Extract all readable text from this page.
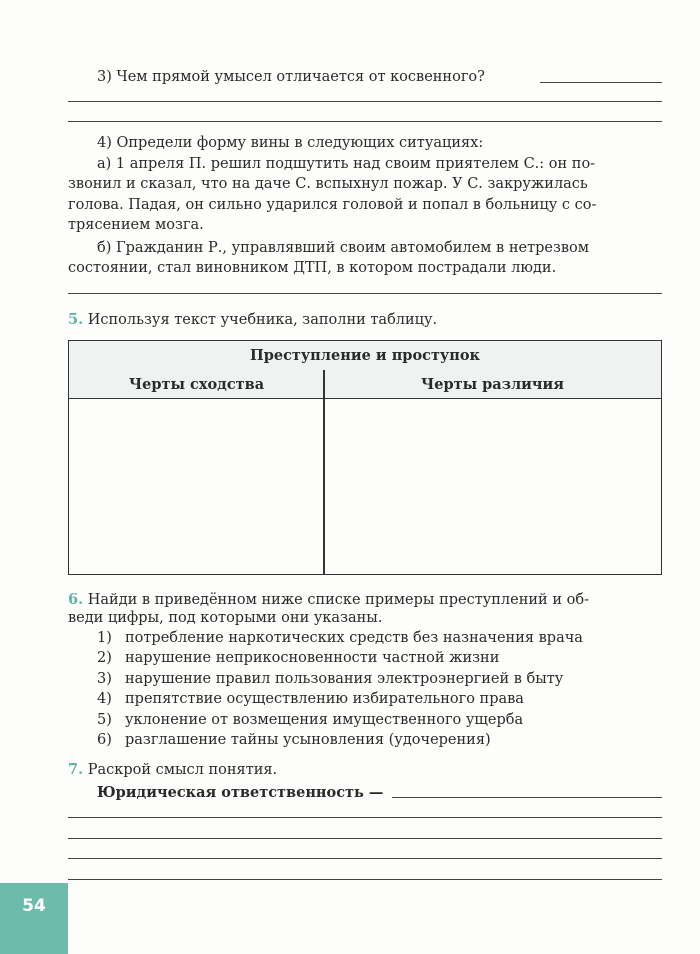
3) Чем прямой умысел отличается от косвенного?
4) Определи форму вины в следующих ситуациях:
а) 1 апреля П. решил подшутить над своим приятелем С.: он по-
звонил и сказал, что на даче С. вспыхнул пожар. У С. закружилась
голова. Падая, он сильно ударился головой и попал в больницу с со-
трясением мозга.
б) Гражданин Р., управлявший своим автомобилем в нетрезвом
состоянии, стал виновником ДТП, в котором пострадали люди.
5. Используя текст учебника, заполни таблицу.
Преступление и проступок
Черты сходства	Черты различия
6. Найди в приведённом ниже списке примеры преступлений и об-
веди цифры, под которыми они указаны.
1) потребление наркотических средств без назначения врача
2) нарушение неприкосновенности частной жизни
3) нарушение правил пользования электроэнергией в быту
4) препятствие осуществлению избирательного права
5) уклонение от возмещения имущественного ущерба
6) разглашение тайны усыновления (удочерения)
7. Раскрой смысл понятия.
Юридическая ответственность —
54
